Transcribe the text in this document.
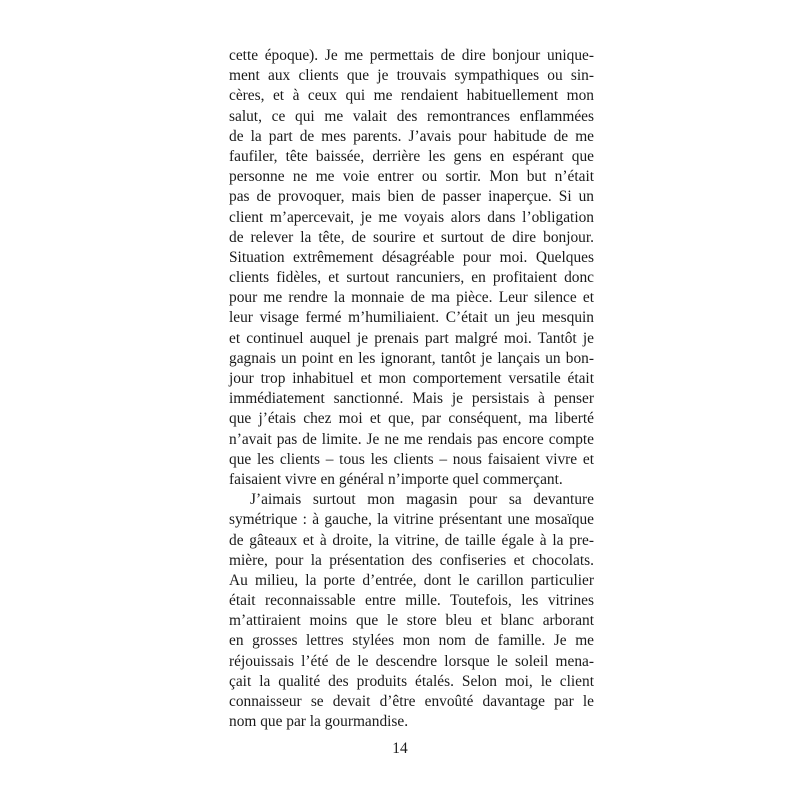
cette époque). Je me permettais de dire bonjour unique-
ment aux clients que je trouvais sympathiques ou sin-
cères, et à ceux qui me rendaient habituellement mon
salut, ce qui me valait des remontrances enflammées
de la part de mes parents. J’avais pour habitude de me
faufiler, tête baissée, derrière les gens en espérant que
personne ne me voie entrer ou sortir. Mon but n’était
pas de provoquer, mais bien de passer inaperçue. Si un
client m’apercevait, je me voyais alors dans l’obligation
de relever la tête, de sourire et surtout de dire bonjour.
Situation extrêmement désagréable pour moi. Quelques
clients fidèles, et surtout rancuniers, en profitaient donc
pour me rendre la monnaie de ma pièce. Leur silence et
leur visage fermé m’humiliaient. C’était un jeu mesquin
et continuel auquel je prenais part malgré moi. Tantôt je
gagnais un point en les ignorant, tantôt je lançais un bon-
jour trop inhabituel et mon comportement versatile était
immédiatement sanctionné. Mais je persistais à penser
que j’étais chez moi et que, par conséquent, ma liberté
n’avait pas de limite. Je ne me rendais pas encore compte
que les clients – tous les clients – nous faisaient vivre et
faisaient vivre en général n’importe quel commerçant.
J’aimais surtout mon magasin pour sa devanture
symétrique : à gauche, la vitrine présentant une mosaïque
de gâteaux et à droite, la vitrine, de taille égale à la pre-
mière, pour la présentation des confiseries et chocolats.
Au milieu, la porte d’entrée, dont le carillon particulier
était reconnaissable entre mille. Toutefois, les vitrines
m’attiraient moins que le store bleu et blanc arborant
en grosses lettres stylées mon nom de famille. Je me
réjouissais l’été de le descendre lorsque le soleil mena-
çait la qualité des produits étalés. Selon moi, le client
connaisseur se devait d’être envoûté davantage par le
nom que par la gourmandise.
14
